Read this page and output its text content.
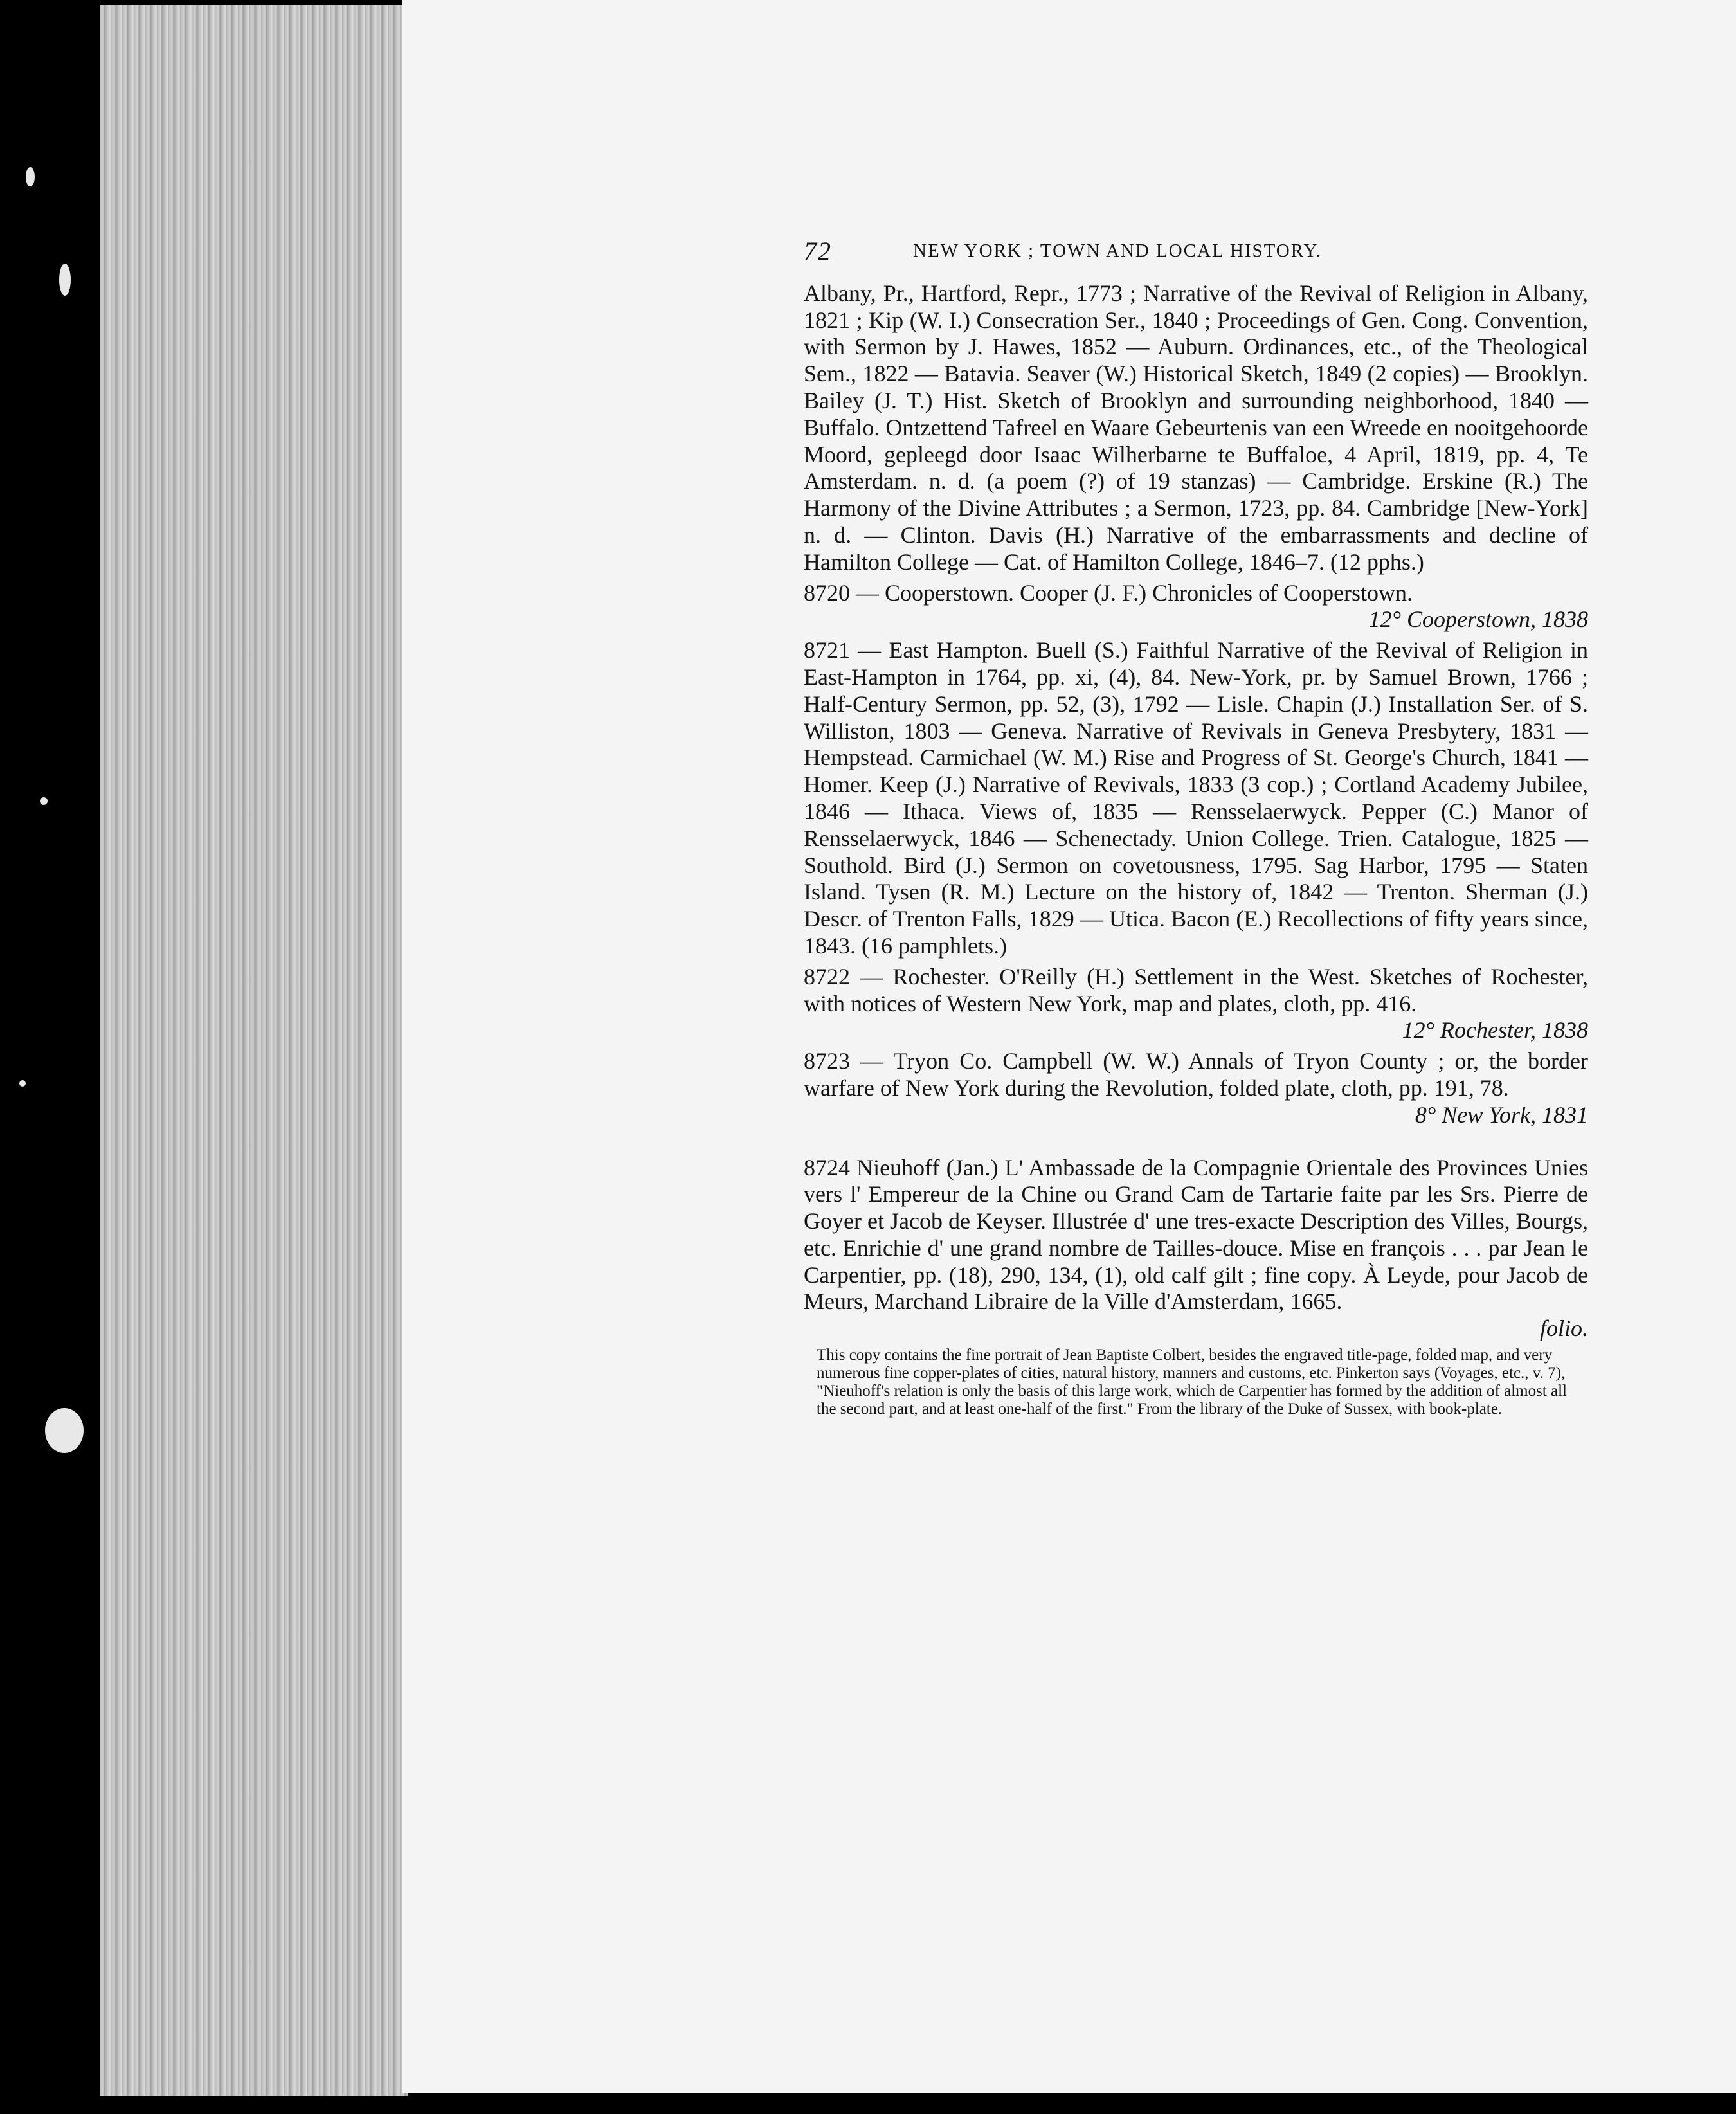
72	NEW YORK ; TOWN AND LOCAL HISTORY.
Albany, Pr., Hartford, Repr., 1773 ; Narrative of the Revival of Religion in Albany, 1821 ; Kip (W. I.) Consecration Ser., 1840 ; Proceedings of Gen. Cong. Convention, with Sermon by J. Hawes, 1852 — Auburn. Ordinances, etc., of the Theological Sem., 1822 — Batavia. Seaver (W.) Historical Sketch, 1849 (2 copies) — Brooklyn. Bailey (J. T.) Hist. Sketch of Brooklyn and surrounding neighborhood, 1840 — Buffalo. Ontzettend Tafreel en Waare Gebeurtenis van een Wreede en nooitgehoorde Moord, gepleegd door Isaac Wilherbarne te Buffaloe, 4 April, 1819, pp. 4, Te Amsterdam. n. d. (a poem (?) of 19 stanzas) — Cambridge. Erskine (R.) The Harmony of the Divine Attributes ; a Sermon, 1723, pp. 84. Cambridge [New-York] n. d. — Clinton. Davis (H.) Narrative of the embarrassments and decline of Hamilton College — Cat. of Hamilton College, 1846–7. (12 pphs.)
8720 — Cooperstown. Cooper (J. F.) Chronicles of Cooperstown.
12° Cooperstown, 1838
8721 — East Hampton. Buell (S.) Faithful Narrative of the Revival of Religion in East-Hampton in 1764, pp. xi, (4), 84. New-York, pr. by Samuel Brown, 1766 ; Half-Century Sermon, pp. 52, (3), 1792 — Lisle. Chapin (J.) Installation Ser. of S. Williston, 1803 — Geneva. Narrative of Revivals in Geneva Presbytery, 1831 — Hempstead. Carmichael (W. M.) Rise and Progress of St. George's Church, 1841 — Homer. Keep (J.) Narrative of Revivals, 1833 (3 cop.) ; Cortland Academy Jubilee, 1846 — Ithaca. Views of, 1835 — Rensselaerwyck. Pepper (C.) Manor of Rensselaerwyck, 1846 — Schenectady. Union College. Trien. Catalogue, 1825 — Southold. Bird (J.) Sermon on covetousness, 1795. Sag Harbor, 1795 — Staten Island. Tysen (R. M.) Lecture on the history of, 1842 — Trenton. Sherman (J.) Descr. of Trenton Falls, 1829 — Utica. Bacon (E.) Recollections of fifty years since, 1843. (16 pamphlets.)
8722 — Rochester. O'Reilly (H.) Settlement in the West. Sketches of Rochester, with notices of Western New York, map and plates, cloth, pp. 416.
12° Rochester, 1838
8723 — Tryon Co. Campbell (W. W.) Annals of Tryon County ; or, the border warfare of New York during the Revolution, folded plate, cloth, pp. 191, 78.
8° New York, 1831
8724 Nieuhoff (Jan.) L' Ambassade de la Compagnie Orientale des Provinces Unies vers l' Empereur de la Chine ou Grand Cam de Tartarie faite par les Srs. Pierre de Goyer et Jacob de Keyser. Illustrée d' une tres-exacte Description des Villes, Bourgs, etc. Enrichie d' une grand nombre de Tailles-douce. Mise en françois . . . par Jean le Carpentier, pp. (18), 290, 134, (1), old calf gilt ; fine copy. À Leyde, pour Jacob de Meurs, Marchand Libraire de la Ville d'Amsterdam, 1665.
folio.
This copy contains the fine portrait of Jean Baptiste Colbert, besides the engraved title-page, folded map, and very numerous fine copper-plates of cities, natural history, manners and customs, etc. Pinkerton says (Voyages, etc., v. 7), "Nieuhoff's relation is only the basis of this large work, which de Carpentier has formed by the addition of almost all the second part, and at least one-half of the first." From the library of the Duke of Sussex, with book-plate.
